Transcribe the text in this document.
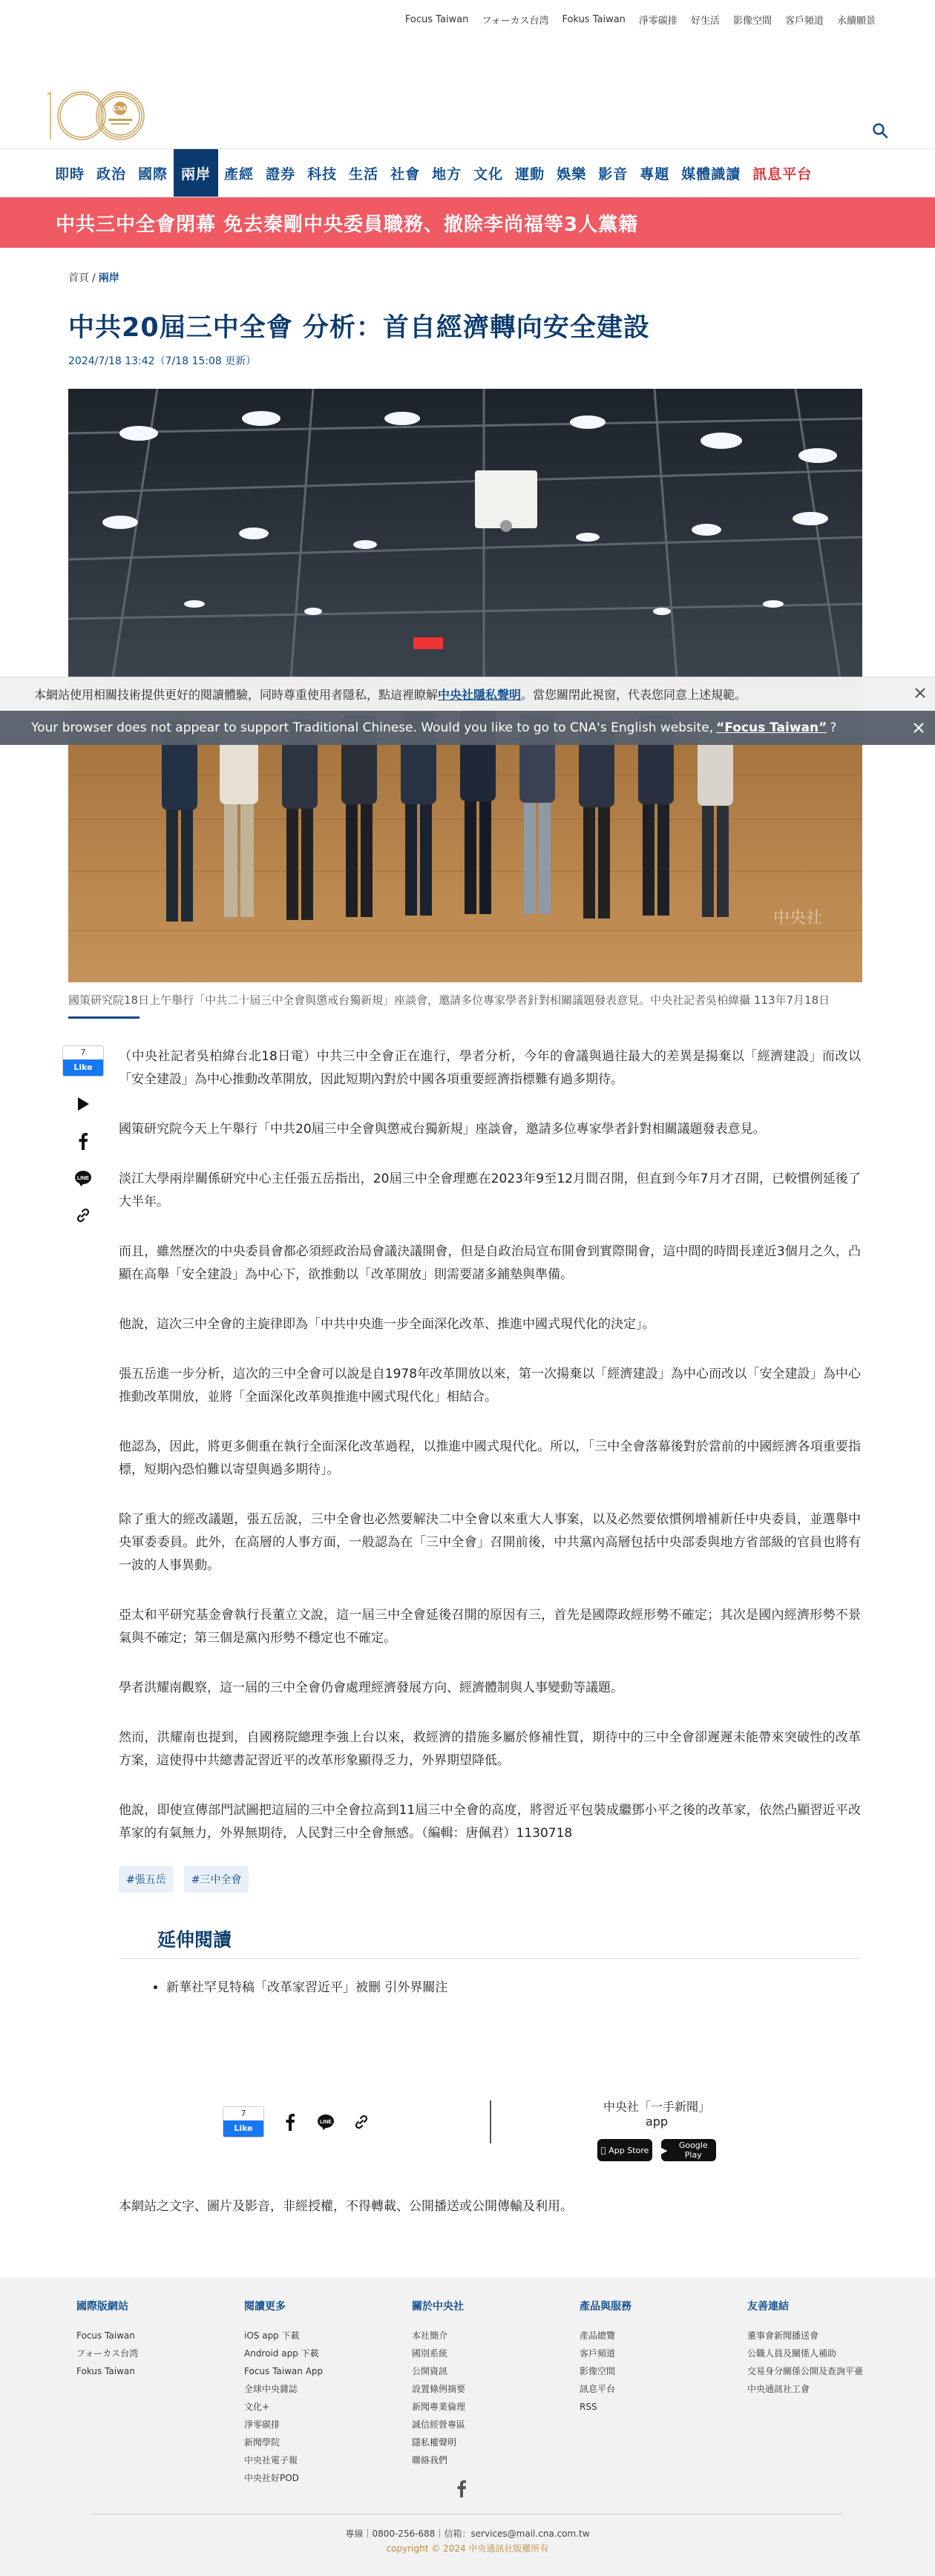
Focus Taiwan フォーカス台湾 Fokus Taiwan 淨零碳排 好生活 影像空間 客戶頻道 永續願景
CNA
即時 政治 國際 兩岸 產經 證券 科技 生活 社會 地方 文化 運動 娛樂 影音 專題 媒體識讀 訊息平台
中共三中全會閉幕 免去秦剛中央委員職務、撤除李尚福等3人黨籍
首頁 / 兩岸
中共20屆三中全會 分析：首自經濟轉向安全建設
2024/7/18 13:42（7/18 15:08 更新）
中央社
國策研究院18日上午舉行「中共二十屆三中全會與懲戒台獨新規」座談會，邀請多位專家學者針對相關議題發表意見。中央社記者吳柏緯攝 113年7月18日
7
Like
LINE

（中央社記者吳柏緯台北18日電）中共三中全會正在進行，學者分析，今年的會議與過往最大的差異是揚棄以「經濟建設」而改以「安全建設」為中心推動改革開放，因此短期內對於中國各項重要經濟指標難有過多期待。

國策研究院今天上午舉行「中共20屆三中全會與懲戒台獨新規」座談會，邀請多位專家學者針對相關議題發表意見。

淡江大學兩岸關係研究中心主任張五岳指出，20屆三中全會理應在2023年9至12月間召開，但直到今年7月才召開，已較慣例延後了大半年。

而且，雖然歷次的中央委員會都必須經政治局會議決議開會，但是自政治局宣布開會到實際開會，這中間的時間長達近3個月之久，凸顯在高舉「安全建設」為中心下，欲推動以「改革開放」則需要諸多鋪墊與準備。

他說，這次三中全會的主旋律即為「中共中央進一步全面深化改革、推進中國式現代化的決定」。

張五岳進一步分析，這次的三中全會可以說是自1978年改革開放以來，第一次揚棄以「經濟建設」為中心而改以「安全建設」為中心推動改革開放，並將「全面深化改革與推進中國式現代化」相結合。

他認為，因此，將更多側重在執行全面深化改革過程，以推進中國式現代化。所以，「三中全會落幕後對於當前的中國經濟各項重要指標，短期內恐怕難以寄望與過多期待」。

除了重大的經改議題，張五岳說，三中全會也必然要解決二中全會以來重大人事案，以及必然要依慣例增補新任中央委員，並選舉中央軍委委員。此外，在高層的人事方面，一般認為在「三中全會」召開前後，中共黨內高層包括中央部委與地方省部級的官員也將有一波的人事異動。

亞太和平研究基金會執行長董立文說，這一屆三中全會延後召開的原因有三，首先是國際政經形勢不確定；其次是國內經濟形勢不景氣與不確定；第三個是黨內形勢不穩定也不確定。

學者洪耀南觀察，這一屆的三中全會仍會處理經濟發展方向、經濟體制與人事變動等議題。

然而，洪耀南也提到，自國務院總理李強上台以來，救經濟的措施多屬於修補性質，期待中的三中全會卻遲遲未能帶來突破性的改革方案，這使得中共總書記習近平的改革形象顯得乏力，外界期望降低。

他說，即使宣傳部門試圖把這屆的三中全會拉高到11屆三中全會的高度，將習近平包裝成繼鄧小平之後的改革家，依然凸顯習近平改革家的有氣無力，外界無期待，人民對三中全會無感。（編輯：唐佩君）1130718

#張五岳	#三中全會
延伸閱讀
• 新華社罕見特稿「改革家習近平」被刪 引外界關注
7
Like
LINE
中央社「一手新聞」app
App Store ▶	Google Play
本網站之文字、圖片及影音，非經授權，不得轉載、公開播送或公開傳輸及利用。
國際版網站
Focus Taiwan
フォーカス台湾
Fokus Taiwan
閱讀更多
iOS app 下載
Android app 下載
Focus Taiwan App
全球中央雜誌
文化+
淨零碳排
新聞學院
中央社電子報
中央社好POD
關於中央社
本社簡介
國別系統
公開資訊
設置條例摘要
新聞專業倫理
誠信經營專區
隱私權聲明
聯絡我們
產品與服務
產品總覽
客戶頻道
影像空間
訊息平台
RSS
友善連結
董事會新聞播送會
公職人員及關係人補助
交易身分關係公開及查詢平臺
中央通訊社工會
專線｜0800-256-688｜信箱：services@mail.cna.com.tw
copyright © 2024 中央通訊社版權所有
本網站使用相關技術提供更好的閱讀體驗，同時尊重使用者隱私，點這裡瞭解 中央社隱私聲明 。當您關閉此視窗，代表您同意上述規範。
Your browser does not appear to support Traditional Chinese. Would you like to go to CNA's English website, “Focus Taiwan” ?
